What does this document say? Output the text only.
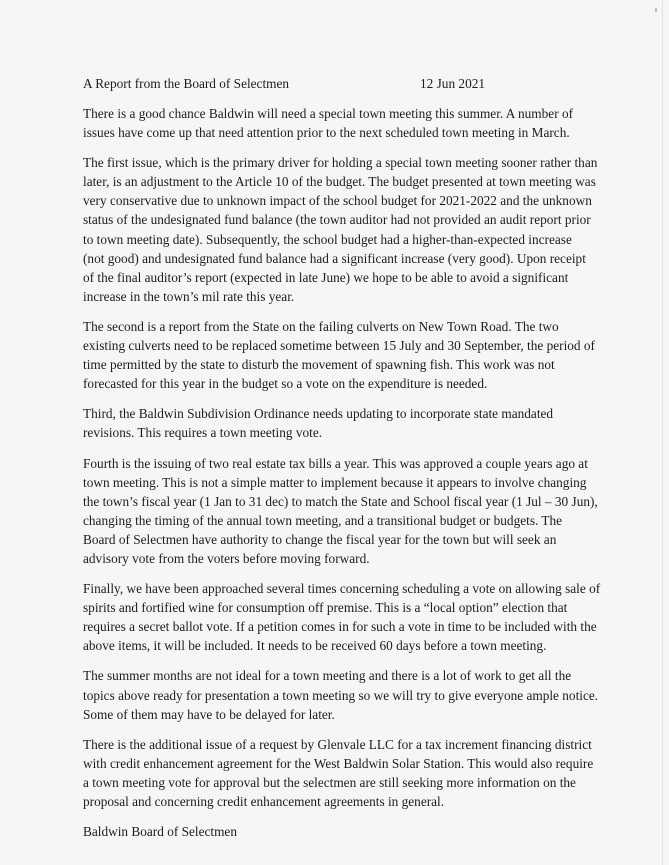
A Report from the Board of Selectmen	12 Jun 2021

There is a good chance Baldwin will need a special town meeting this summer. A number of
issues have come up that need attention prior to the next scheduled town meeting in March.

The first issue, which is the primary driver for holding a special town meeting sooner rather than
later, is an adjustment to the Article 10 of the budget. The budget presented at town meeting was
very conservative due to unknown impact of the school budget for 2021-2022 and the unknown
status of the undesignated fund balance (the town auditor had not provided an audit report prior
to town meeting date). Subsequently, the school budget had a higher-than-expected increase
(not good) and undesignated fund balance had a significant increase (very good). Upon receipt
of the final auditor’s report (expected in late June) we hope to be able to avoid a significant
increase in the town’s mil rate this year.

The second is a report from the State on the failing culverts on New Town Road. The two
existing culverts need to be replaced sometime between 15 July and 30 September, the period of
time permitted by the state to disturb the movement of spawning fish. This work was not
forecasted for this year in the budget so a vote on the expenditure is needed.

Third, the Baldwin Subdivision Ordinance needs updating to incorporate state mandated
revisions. This requires a town meeting vote.

Fourth is the issuing of two real estate tax bills a year. This was approved a couple years ago at
town meeting. This is not a simple matter to implement because it appears to involve changing
the town’s fiscal year (1 Jan to 31 dec) to match the State and School fiscal year (1 Jul – 30 Jun),
changing the timing of the annual town meeting, and a transitional budget or budgets. The
Board of Selectmen have authority to change the fiscal year for the town but will seek an
advisory vote from the voters before moving forward.

Finally, we have been approached several times concerning scheduling a vote on allowing sale of
spirits and fortified wine for consumption off premise. This is a “local option” election that
requires a secret ballot vote. If a petition comes in for such a vote in time to be included with the
above items, it will be included. It needs to be received 60 days before a town meeting.

The summer months are not ideal for a town meeting and there is a lot of work to get all the
topics above ready for presentation a town meeting so we will try to give everyone ample notice.
Some of them may have to be delayed for later.

There is the additional issue of a request by Glenvale LLC for a tax increment financing district
with credit enhancement agreement for the West Baldwin Solar Station. This would also require
a town meeting vote for approval but the selectmen are still seeking more information on the
proposal and concerning credit enhancement agreements in general.

Baldwin Board of Selectmen
